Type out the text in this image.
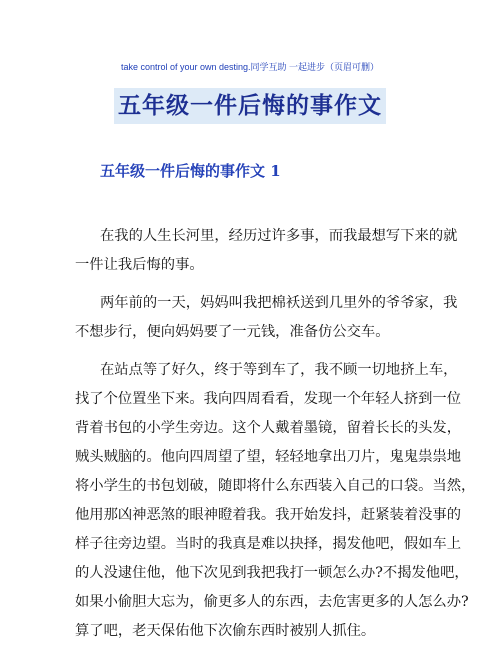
take control of your own desting.同学互助 一起进步（页眉可删）
五年级一件后悔的事作文
五年级一件后悔的事作文 1
在我的人生长河里，经历过许多事，而我最想写下来的就
一件让我后悔的事。
两年前的一天，妈妈叫我把棉袄送到几里外的爷爷家，我
不想步行，便向妈妈要了一元钱，准备仿公交车。
在站点等了好久，终于等到车了，我不顾一切地挤上车，
找了个位置坐下来。我向四周看看，发现一个年轻人挤到一位
背着书包的小学生旁边。这个人戴着墨镜，留着长长的头发，
贼头贼脑的。他向四周望了望，轻轻地拿出刀片，鬼鬼祟祟地
将小学生的书包划破，随即将什么东西装入自己的口袋。当然，
他用那凶神恶煞的眼神瞪着我。我开始发抖，赶紧装着没事的
样子往旁边望。当时的我真是难以抉择，揭发他吧，假如车上
的人没逮住他，他下次见到我把我打一顿怎么办?不揭发他吧，
如果小偷胆大忘为，偷更多人的东西，去危害更多的人怎么办?
算了吧，老天保佑他下次偷东西时被别人抓住。
